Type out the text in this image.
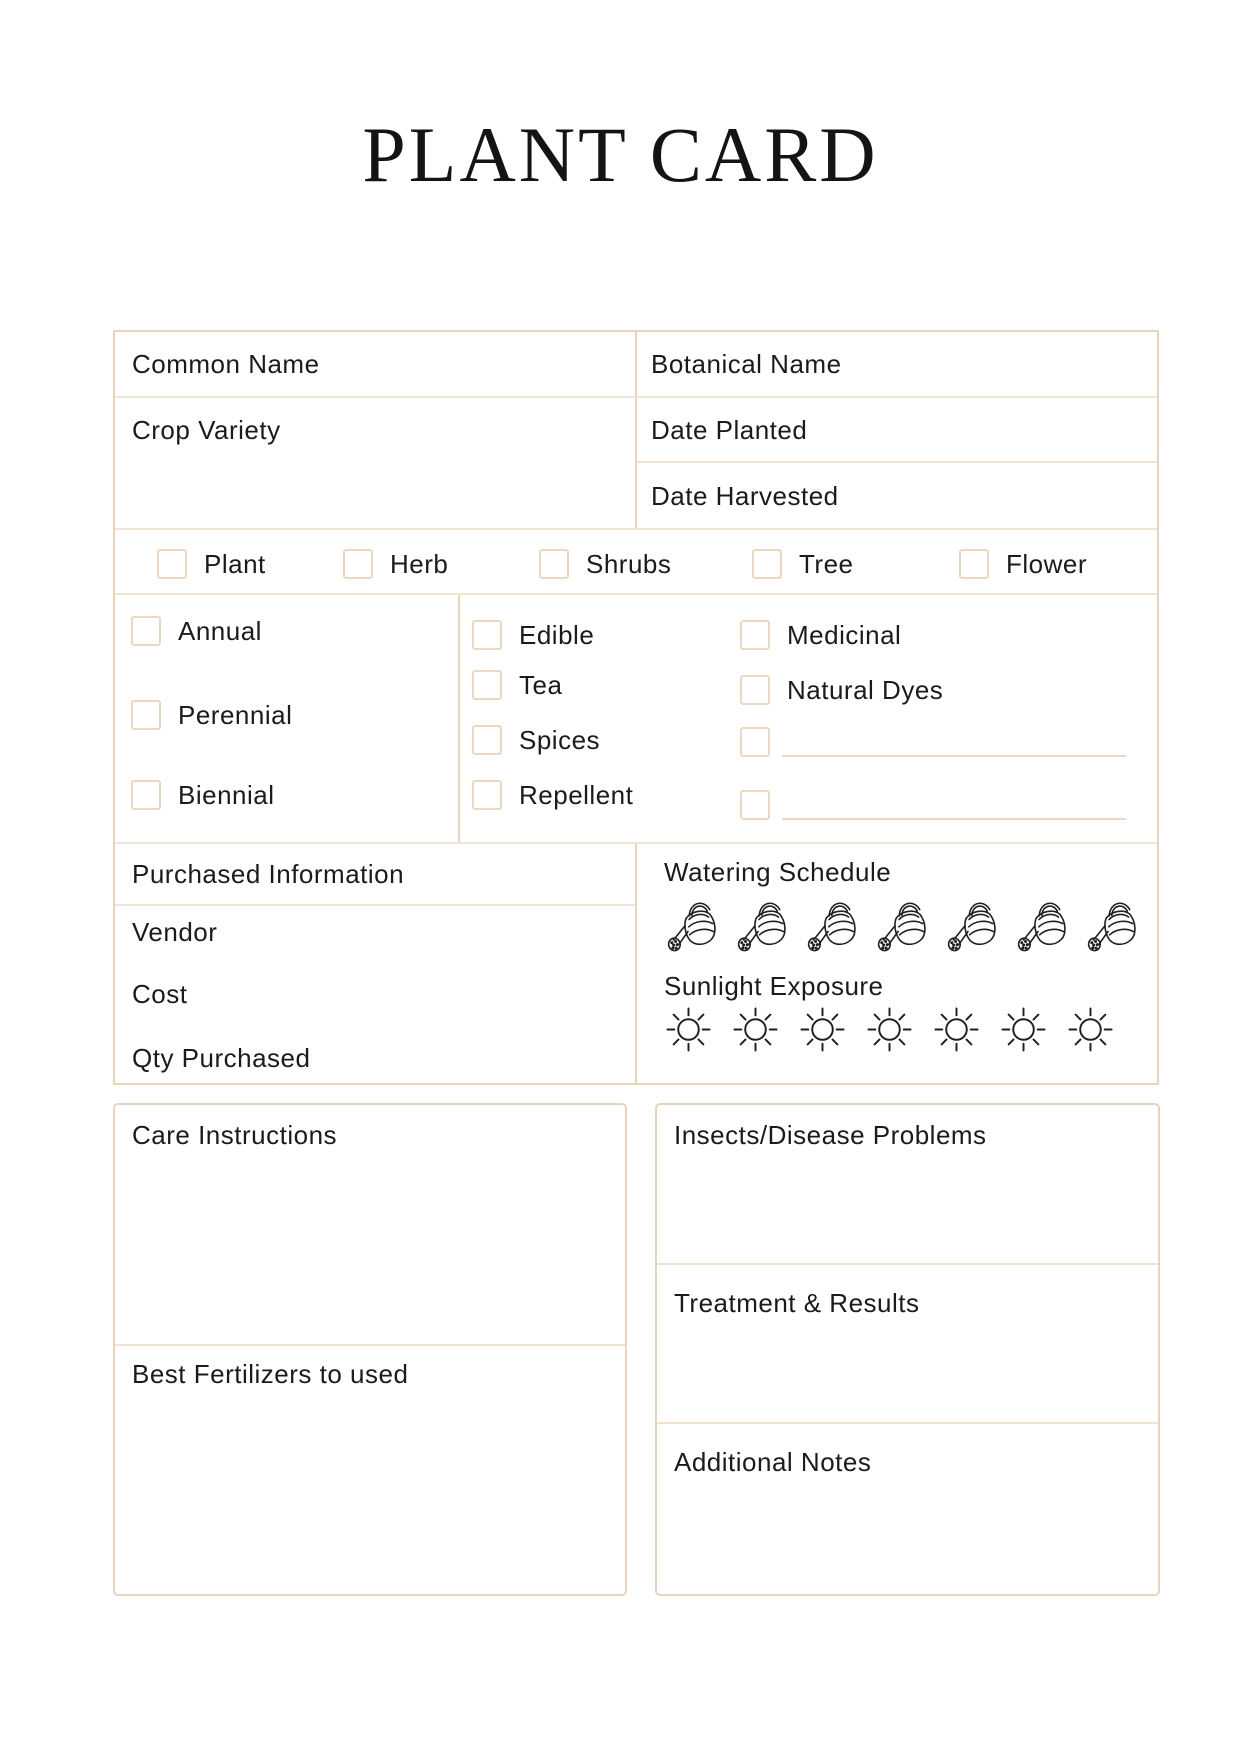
PLANT CARD
Common Name	Botanical Name
Crop Variety	Date Planted
Date Harvested
Plant	Herb	Shrubs	Tree	Flower
Annual
Perennial
Biennial
Edible
Tea
Spices
Repellent
Medicinal
Natural Dyes
Purchased Information
Vendor
Cost
Qty Purchased
Watering Schedule
Sunlight Exposure
Care Instructions
Best Fertilizers to used
Insects/Disease Problems
Treatment & Results
Additional Notes
